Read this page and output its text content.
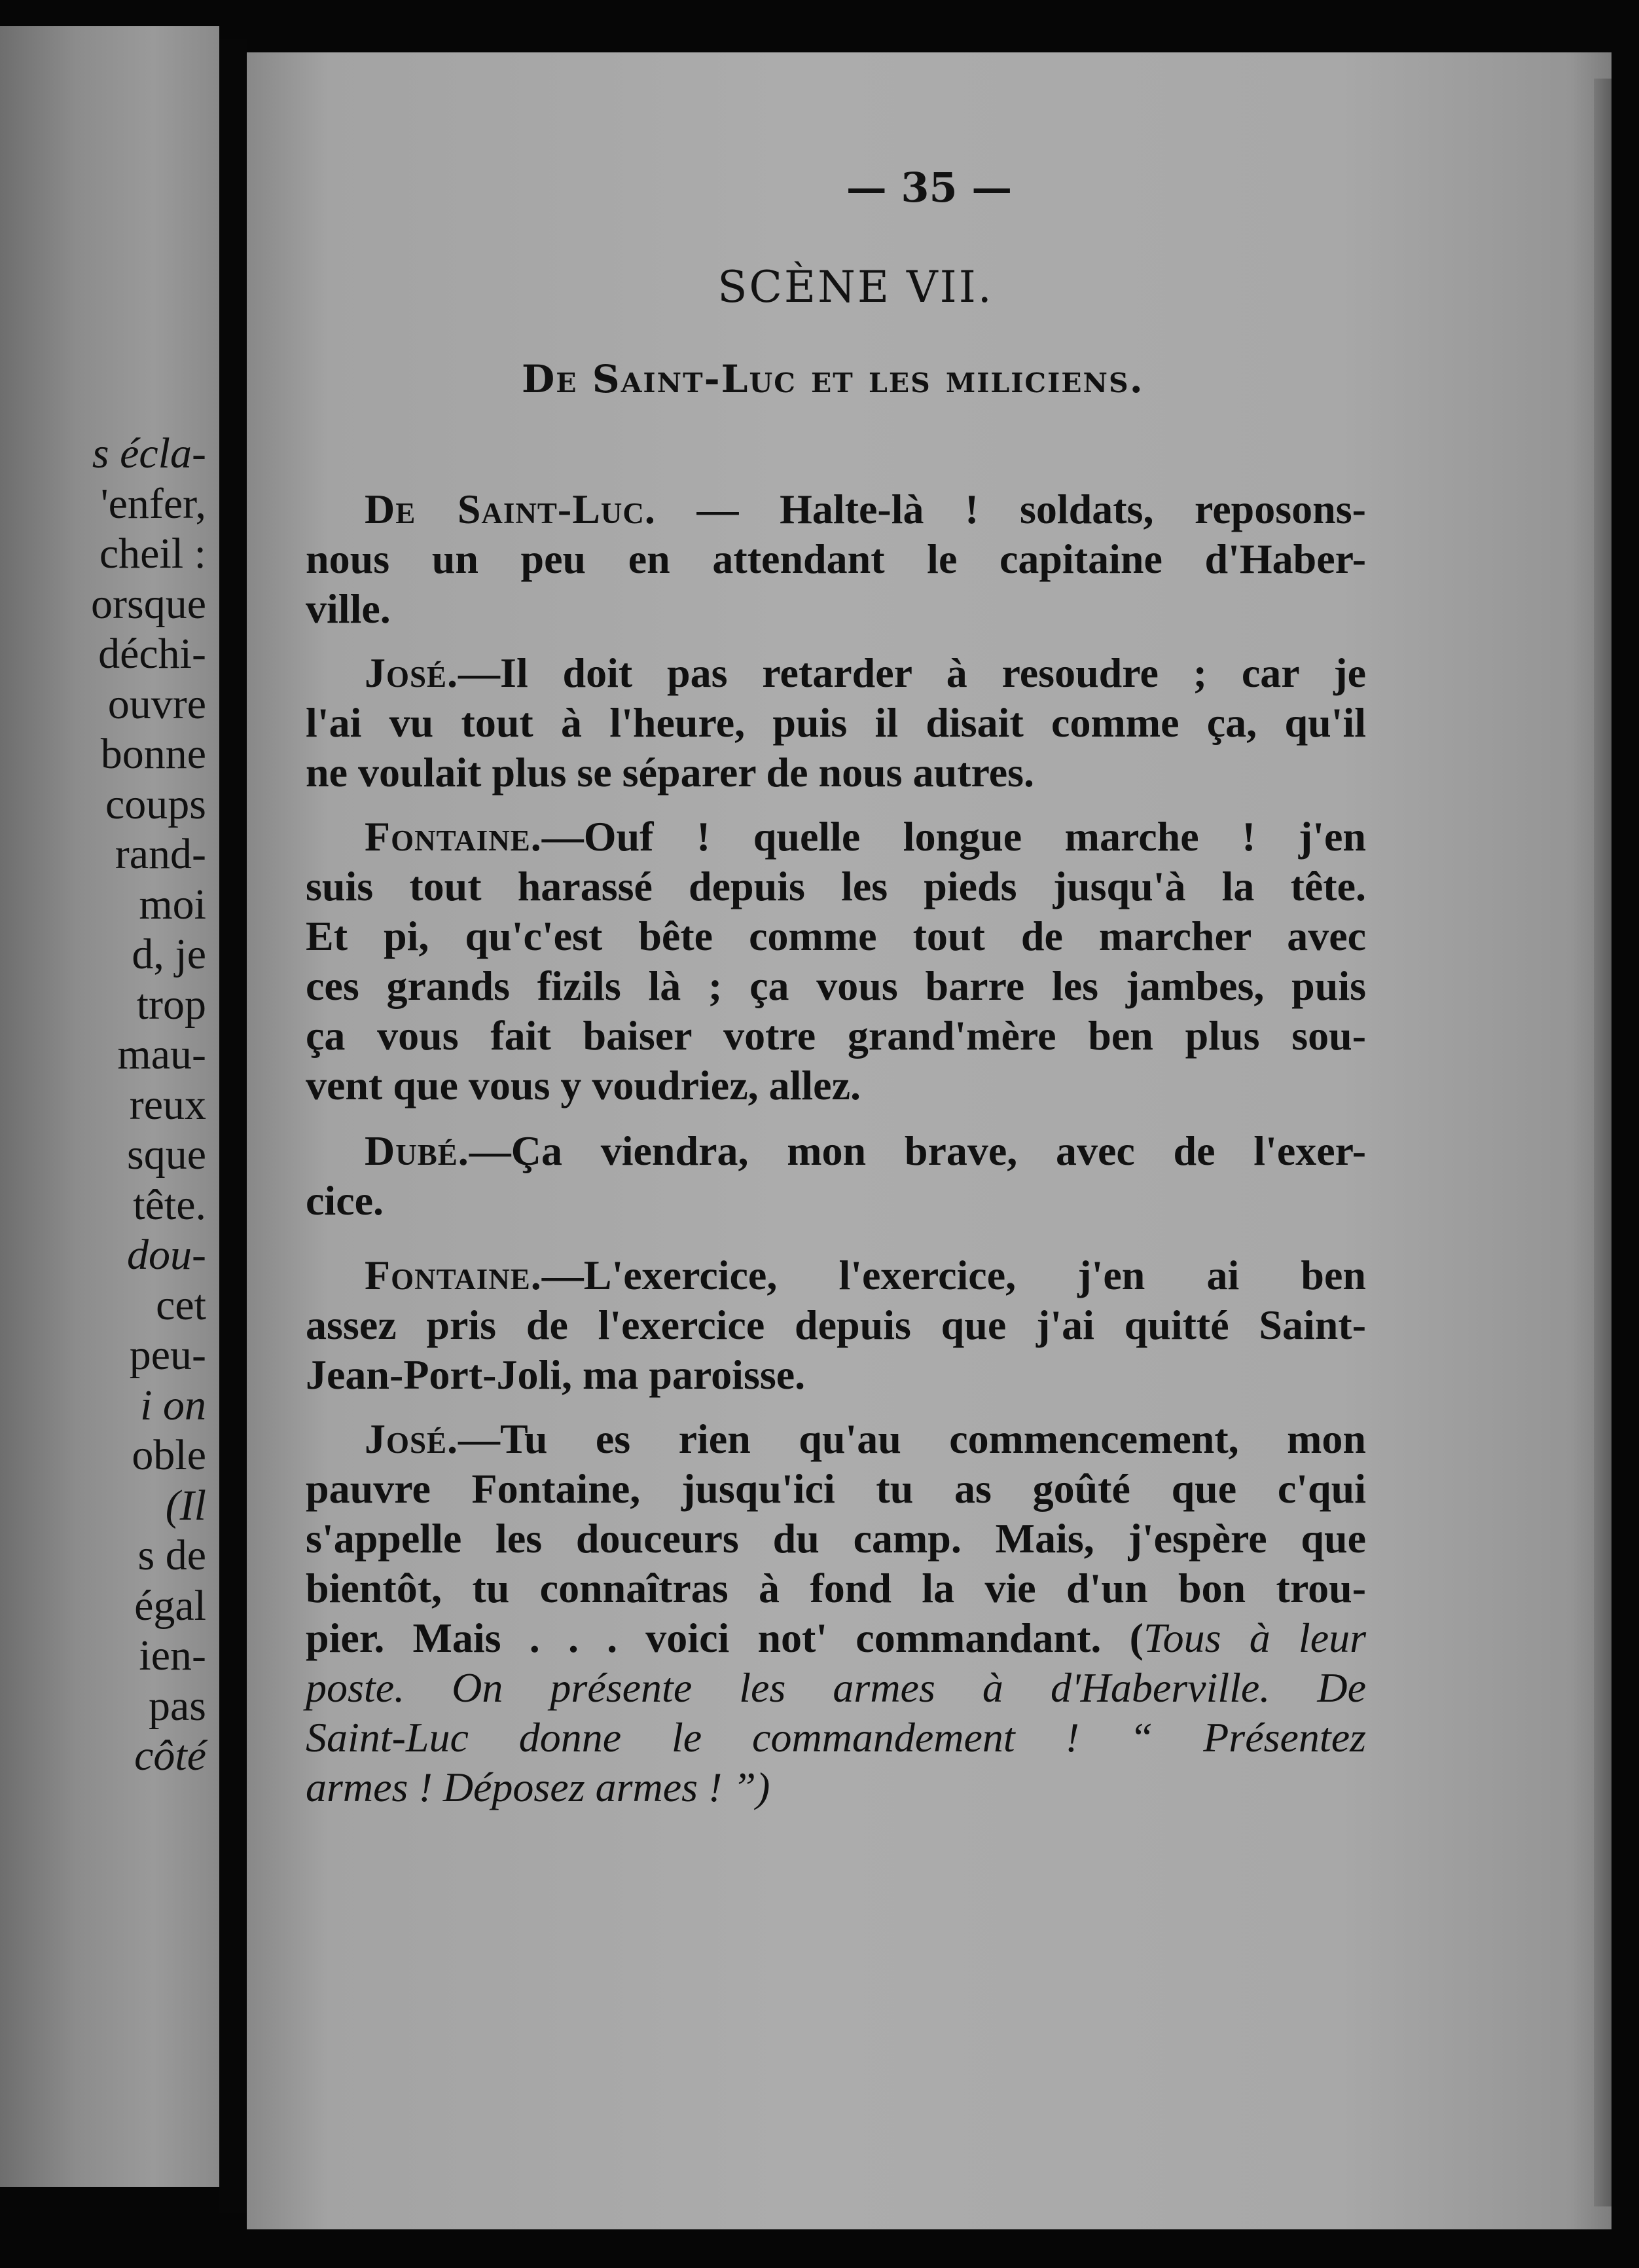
s écla-
'enfer,
cheil :
orsque
déchi-
ouvre
bonne
coups
rand-
moi
d, je
trop
mau-
reux
sque
tête.
dou-
cet
peu-
i on
oble
(Il
s de
égal
ien-
pas
côté
— 35 —
SCÈNE VII.
De Saint-Luc et les miliciens.
De Saint-Luc. — Halte-là ! soldats, reposons-
nous un peu en attendant le capitaine d'Haber-
ville.
José.—Il doit pas retarder à resoudre ; car je
l'ai vu tout à l'heure, puis il disait comme ça, qu'il
ne voulait plus se séparer de nous autres.
Fontaine.—Ouf ! quelle longue marche ! j'en
suis tout harassé depuis les pieds jusqu'à la tête.
Et pi, qu'c'est bête comme tout de marcher avec
ces grands fizils là ; ça vous barre les jambes, puis
ça vous fait baiser votre grand'mère ben plus sou-
vent que vous y voudriez, allez.
Dubé.—Ça viendra, mon brave, avec de l'exer-
cice.
Fontaine.—L'exercice, l'exercice, j'en ai ben
assez pris de l'exercice depuis que j'ai quitté Saint-
Jean-Port-Joli, ma paroisse.
José.—Tu es rien qu'au commencement, mon
pauvre Fontaine, jusqu'ici tu as goûté que c'qui
s'appelle les douceurs du camp. Mais, j'espère que
bientôt, tu connaîtras à fond la vie d'un bon trou-
pier. Mais . . . voici not' commandant. (Tous à leur
poste. On présente les armes à d'Haberville. De
Saint-Luc donne le commandement ! “ Présentez
armes ! Déposez armes ! ”)
